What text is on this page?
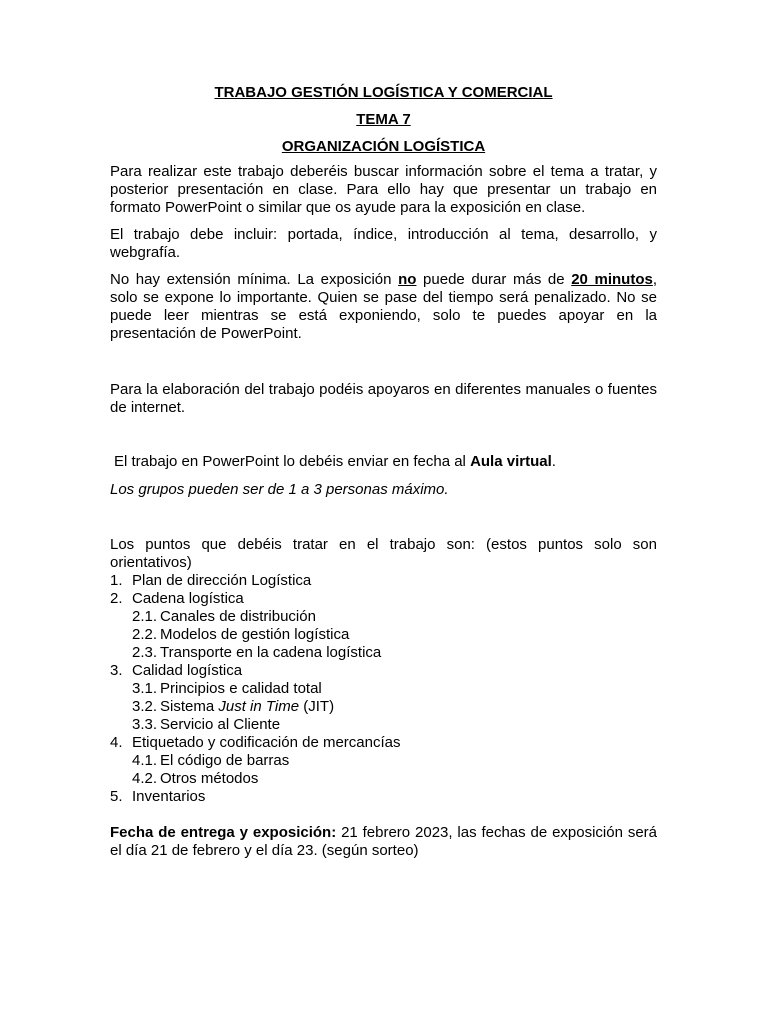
TRABAJO GESTIÓN LOGÍSTICA Y COMERCIAL

TEMA 7

ORGANIZACIÓN LOGÍSTICA

Para realizar este trabajo deberéis buscar información sobre el tema a tratar, y posterior presentación en clase. Para ello hay que presentar un trabajo en formato PowerPoint o similar que os ayude para la exposición en clase.

El trabajo debe incluir: portada, índice, introducción al tema, desarrollo, y webgrafía.

No hay extensión mínima. La exposición no puede durar más de 20 minutos, solo se expone lo importante. Quien se pase del tiempo será penalizado. No se puede leer mientras se está exponiendo, solo te puedes apoyar en la presentación de PowerPoint.

Para la elaboración del trabajo podéis apoyaros en diferentes manuales o fuentes de internet.

El trabajo en PowerPoint lo debéis enviar en fecha al Aula virtual.

Los grupos pueden ser de 1 a 3 personas máximo.

Los puntos que debéis tratar en el trabajo son: (estos puntos solo son orientativos)

1. Plan de dirección Logística
2. Cadena logística
2.1. Canales de distribución
2.2. Modelos de gestión logística
2.3. Transporte en la cadena logística
3. Calidad logística
3.1. Principios e calidad total
3.2. Sistema Just in Time (JIT)
3.3. Servicio al Cliente
4. Etiquetado y codificación de mercancías
4.1. El código de barras
4.2. Otros métodos
5. Inventarios

Fecha de entrega y exposición: 21 febrero 2023, las fechas de exposición será el día 21 de febrero y el día 23. (según sorteo)
